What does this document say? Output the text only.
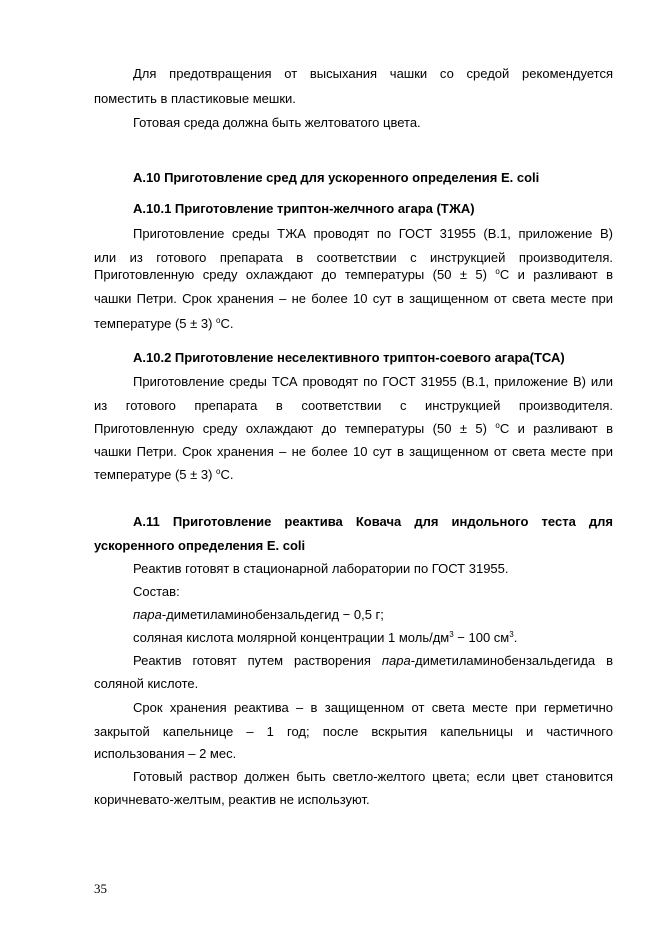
Для предотвращения от высыхания чашки со средой рекомендуется

поместить в пластиковые мешки.

Готовая среда должна быть желтоватого цвета.

А.10 Приготовление сред для ускоренного определения E. coli

А.10.1 Приготовление триптон-желчного агара (ТЖА)

Приготовление среды ТЖА проводят по ГОСТ 31955 (В.1, приложение В)

или из готового препарата в соответствии с инструкцией производителя.

Приготовленную среду охлаждают до температуры (50 ± 5) $^о$С и разливают в

чашки Петри. Срок хранения – не более 10 сут в защищенном от света месте при

температуре (5 ± 3) $^о$С.

А.10.2 Приготовление неселективного триптон-соевого агара(ТСА)

Приготовление среды ТСА проводят по ГОСТ 31955 (В.1, приложение В) или

из готового препарата в соответствии с инструкцией производителя.

Приготовленную среду охлаждают до температуры (50 ± 5) $^о$С и разливают в

чашки Петри. Срок хранения – не более 10 сут в защищенном от света месте при

температуре (5 ± 3) $^о$С.

А.11 Приготовление реактива Ковача для индольного теста для

ускоренного определения E. coli

Реактив готовят в стационарной лаборатории по ГОСТ 31955.

Состав:

пара-диметиламинобензальдегид − 0,5 г;

соляная кислота молярной концентрации 1 моль/$дм^3 - 100$ $см^3$.

Реактив готовят путем растворения пара-диметиламинобензальдегида в

соляной кислоте.

Срок хранения реактива – в защищенном от света месте при герметично

закрытой капельнице – 1 год; после вскрытия капельницы и частичного

использования – 2 мес.

Готовый раствор должен быть светло-желтого цвета; если цвет становится

коричневато-желтым, реактив не используют.

35
